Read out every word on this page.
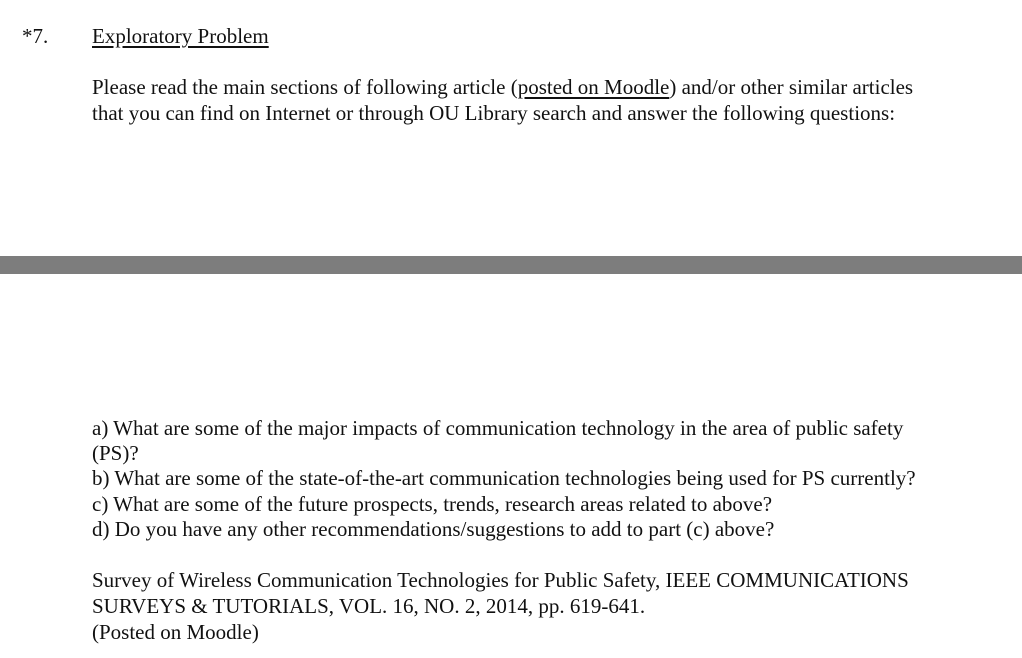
*7. Exploratory Problem
Please read the main sections of following article (posted on Moodle) and/or other similar articles
that you can find on Internet or through OU Library search and answer the following questions:
a) What are some of the major impacts of communication technology in the area of public safety
(PS)?
b) What are some of the state-of-the-art communication technologies being used for PS currently?
c) What are some of the future prospects, trends, research areas related to above?
d) Do you have any other recommendations/suggestions to add to part (c) above?
Survey of Wireless Communication Technologies for Public Safety, IEEE COMMUNICATIONS
SURVEYS & TUTORIALS, VOL. 16, NO. 2, 2014, pp. 619-641.
(Posted on Moodle)
